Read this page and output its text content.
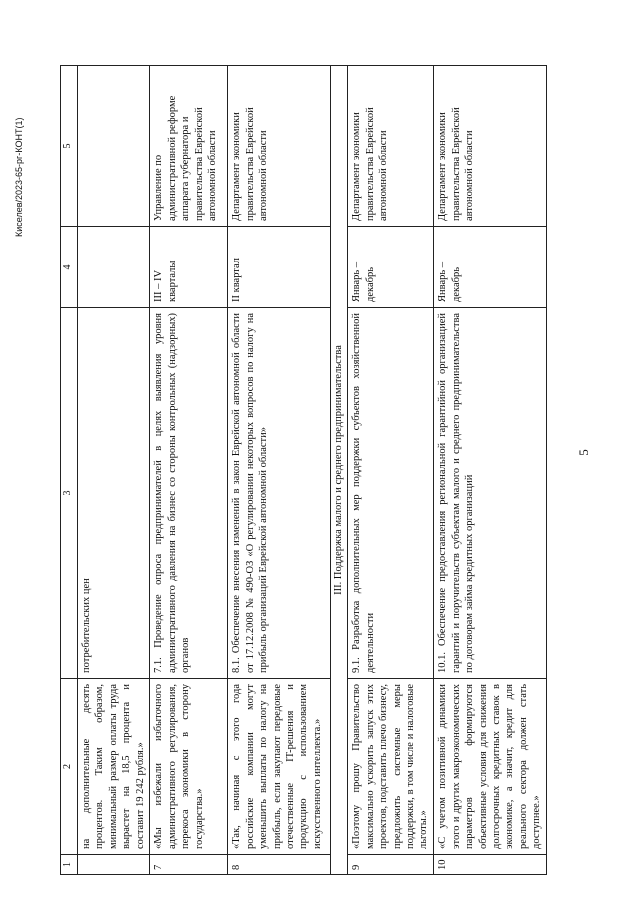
Киселев/2023-65-рг-КОНТ(1)
1	2	3	4	5
	на дополнительные десять процентов. Таким образом, минимальный размер оплаты труда вырастет на 18,5 процента и составит 19 242 рубля.»	потребительских цен		
7	«Мы избежали избыточного административного регулирования, перекоса экономики в сторону государства.»	7.1. Проведение опроса предпринимателей в целях выявления уровня административного давления на бизнес со стороны контрольных (надзорных) органов	III – IV кварталы	Управление по административной реформе аппарата губернатора и правительства Еврейской автономной области
8	«Так, начиная с этого года российские компании могут уменьшить выплаты по налогу на прибыль, если закупают передовые отечественные IT-решения и продукцию с использованием искусственного интеллекта.»	8.1. Обеспечение внесения изменений в закон Еврейской автономной области от 17.12.2008 № 490-ОЗ «О регулировании некоторых вопросов по налогу на прибыль организаций Еврейской автономной области»	II квартал	Департамент экономики правительства Еврейской автономной области
III. Поддержка малого и среднего предпринимательства				
9	«Поэтому прошу Правительство максимально ускорить запуск этих проектов, подставить плечо бизнесу, предложить системные меры поддержки, в том числе и налоговые льготы.»	9.1. Разработка дополнительных мер поддержки субъектов хозяйственной деятельности	Январь – декабрь	Департамент экономики правительства Еврейской автономной области
10	«С учетом позитивной динамики этого и других макроэкономических параметров формируются объективные условия для снижения долгосрочных кредитных ставок в экономике, а значит, кредит для реального сектора должен стать доступнее.»	10.1. Обеспечение предоставления региональной гарантийной организацией гарантий и поручительств субъектам малого и среднего предпринимательства по договорам займа кредитных организаций	Январь – декабрь	Департамент экономики правительства Еврейской автономной области
5
